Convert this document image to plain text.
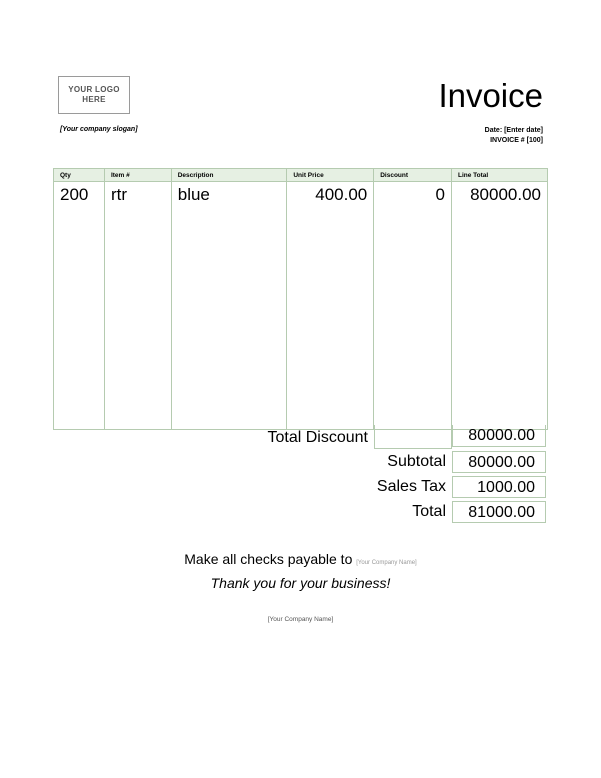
YOUR LOGO
HERE	Invoice
[Your company slogan]	Date: [Enter date]
INVOICE # [100]
Qty	Item #	Description	Unit Price	Discount	Line Total
200	rtr	blue	400.00	0	80000.00
Total Discount	80000.00
Subtotal	80000.00
Sales Tax	1000.00
Total	81000.00
Make all checks payable to [Your Company Name]
Thank you for your business!
[Your Company Name]
